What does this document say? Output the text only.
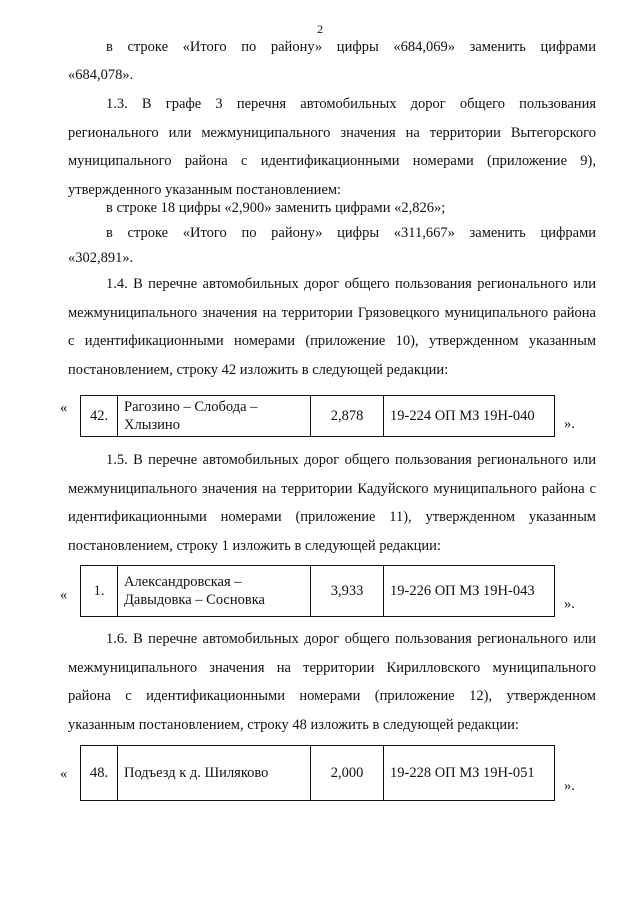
2
в строке «Итого по району» цифры «684,069» заменить цифрами
«684,078».

1.3. В графе 3 перечня автомобильных дорог общего пользования регионального или межмуниципального значения на территории Вытегорского муниципального района с идентификационными номерами (приложение 9), утвержденного указанным постановлением:

в строке 18 цифры «2,900» заменить цифрами «2,826»;
в строке «Итого по району» цифры «311,667» заменить цифрами
«302,891».

1.4. В перечне автомобильных дорог общего пользования регионального или межмуниципального значения на территории Грязовецкого муниципального района с идентификационными номерами (приложение 10), утвержденном указанным постановлением, строку 42 изложить в следующей редакции:

« 42.	Рагозино – Слобода – Хлызино	2,878	19-224 ОП МЗ 19Н-040 ».

1.5. В перечне автомобильных дорог общего пользования регионального или межмуниципального значения на территории Кадуйского муниципального района с идентификационными номерами (приложение 11), утвержденном указанным постановлением, строку 1 изложить в следующей редакции:

« 1.	Александровская – Давыдовка – Сосновка	3,933	19-226 ОП МЗ 19Н-043
».

1.6. В перечне автомобильных дорог общего пользования регионального или межмуниципального значения на территории Кирилловского муниципального района с идентификационными номерами (приложение 12), утвержденном указанным постановлением, строку 48 изложить в следующей редакции:

« 48.	Подъезд к д. Шиляково	2,000	19-228 ОП МЗ 19Н-051
».
